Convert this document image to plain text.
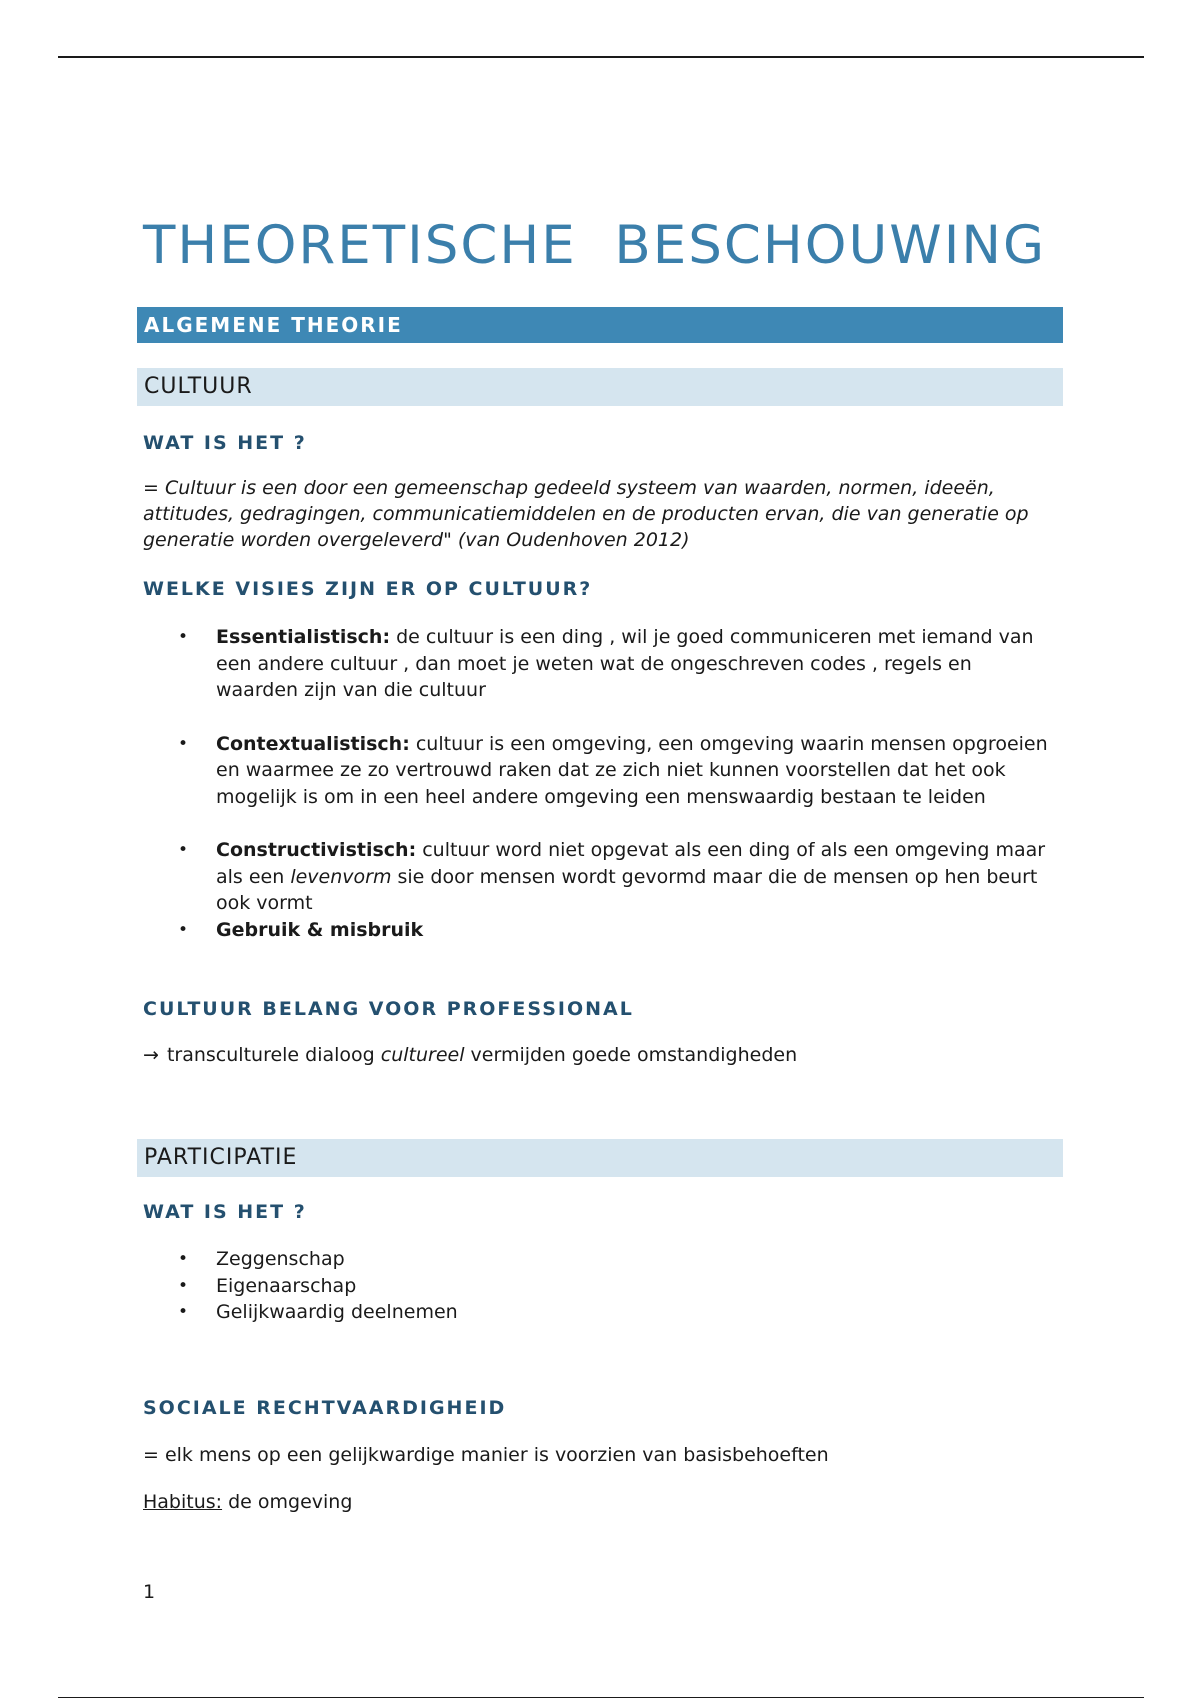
THEORETISCHE  BESCHOUWING
ALGEMENE THEORIE
CULTUUR
WAT IS HET ?

= Cultuur is een door een gemeenschap gedeeld systeem van waarden, normen, ideeën, attitudes, gedragingen, communicatiemiddelen en de producten ervan, die van generatie op generatie worden overgeleverd" (van Oudenhoven 2012)

WELKE VISIES ZIJN ER OP CULTUUR?
• Essentialistisch: de cultuur is een ding , wil je goed communiceren met iemand van een andere cultuur , dan moet je weten wat de ongeschreven codes , regels en waarden zijn van die cultuur
• Contextualistisch: cultuur is een omgeving, een omgeving waarin mensen opgroeien en waarmee ze zo vertrouwd raken dat ze zich niet kunnen voorstellen dat het ook mogelijk is om in een heel andere omgeving een menswaardig bestaan te leiden
• Constructivistisch: cultuur word niet opgevat als een ding of als een omgeving maar als een levenvorm sie door mensen wordt gevormd maar die de mensen op hen beurt ook vormt
• Gebruik & misbruik
CULTUUR BELANG VOOR PROFESSIONAL

→ transculturele dialoog cultureel vermijden goede omstandigheden

PARTICIPATIE
WAT IS HET ?
• Zeggenschap
• Eigenaarschap
• Gelijkwaardig deelnemen
SOCIALE RECHTVAARDIGHEID

= elk mens op een gelijkwardige manier is voorzien van basisbehoeften

Habitus: de omgeving

1
